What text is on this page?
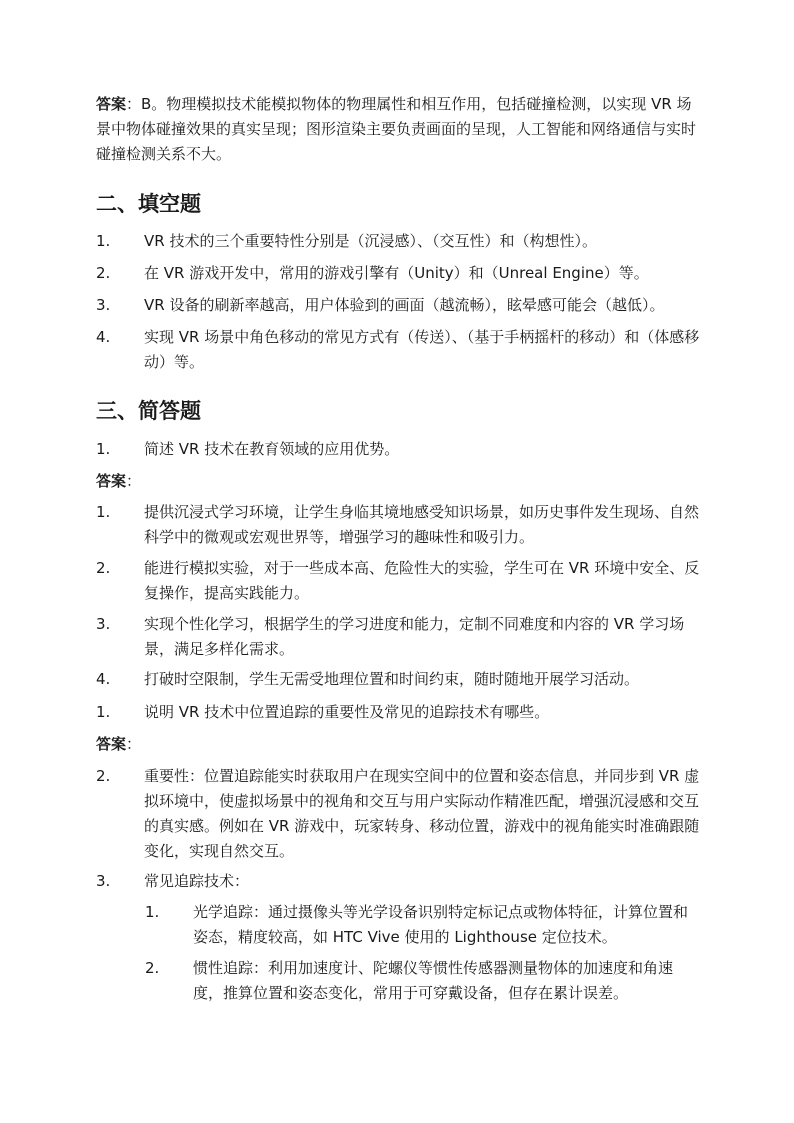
答案：B。物理模拟技术能模拟物体的物理属性和相互作用，包括碰撞检测，以实现 VR 场景中物体碰撞效果的真实呈现；图形渲染主要负责画面的呈现，人工智能和网络通信与实时碰撞检测关系不大。

二、填空题
1. VR 技术的三个重要特性分别是（沉浸感）、（交互性）和（构想性）。
2. 在 VR 游戏开发中，常用的游戏引擎有（Unity）和（Unreal Engine）等。
3. VR 设备的刷新率越高，用户体验到的画面（越流畅），眩晕感可能会（越低）。
4. 实现 VR 场景中角色移动的常见方式有（传送）、（基于手柄摇杆的移动）和（体感移动）等。
三、简答题
1. 简述 VR 技术在教育领域的应用优势。

答案：

1. 提供沉浸式学习环境，让学生身临其境地感受知识场景，如历史事件发生现场、自然科学中的微观或宏观世界等，增强学习的趣味性和吸引力。
2. 能进行模拟实验，对于一些成本高、危险性大的实验，学生可在 VR 环境中安全、反复操作，提高实践能力。
3. 实现个性化学习，根据学生的学习进度和能力，定制不同难度和内容的 VR 学习场景，满足多样化需求。
4. 打破时空限制，学生无需受地理位置和时间约束，随时随地开展学习活动。
1. 说明 VR 技术中位置追踪的重要性及常见的追踪技术有哪些。

答案：

2. 重要性：位置追踪能实时获取用户在现实空间中的位置和姿态信息，并同步到 VR 虚拟环境中，使虚拟场景中的视角和交互与用户实际动作精准匹配，增强沉浸感和交互的真实感。例如在 VR 游戏中，玩家转身、移动位置，游戏中的视角能实时准确跟随变化，实现自然交互。
3. 常见追踪技术：
1. 光学追踪：通过摄像头等光学设备识别特定标记点或物体特征，计算位置和姿态，精度较高，如 HTC Vive 使用的 Lighthouse 定位技术。
2. 惯性追踪：利用加速度计、陀螺仪等惯性传感器测量物体的加速度和角速度，推算位置和姿态变化，常用于可穿戴设备，但存在累计误差。
